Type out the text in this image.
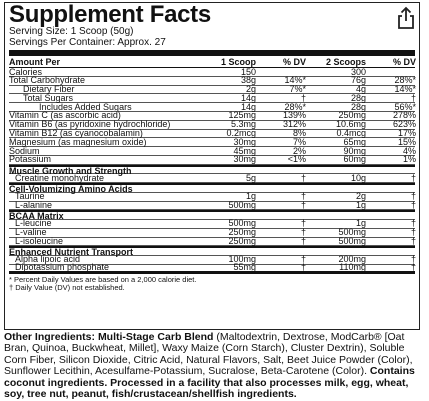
Supplement Facts
Serving Size: 1 Scoop (50g)
Servings Per Container: Approx. 27
Amount Per	1 Scoop	% DV	2 Scoops	% DV
Calories	150	300
Total Carbohydrate	38g	14%*	76g	28%*
Dietary Fiber	2g	7%*	4g	14%*
Total Sugars	14g	†	28g	†
Includes Added Sugars	14g	28%*	28g	56%*
Vitamin C (as ascorbic acid)	125mg	139%	250mg	278%
Vitamin B6 (as pyridoxine hydrochloride)	5.3mg	312%	10.6mg	623%
Vitamin B12 (as cyanocobalamin)	0.2mcg	8%	0.4mcg	17%
Magnesium (as magnesium oxide)	30mg	7%	65mg	15%
Sodium	45mg	2%	90mg	4%
Potassium	30mg	<1%	60mg	1%
Muscle Growth and Strength
Creatine monohydrate	5g	†	10g	†
Cell-Volumizing Amino Acids
Taurine	1g	†	2g	†
L-alanine	500mg	†	1g	†
BCAA Matrix
L-leucine	500mg	†	1g	†
L-valine	250mg	†	500mg	†
L-isoleucine	250mg	†	500mg	†
Enhanced Nutrient Transport
Alpha lipoic acid	100mg	†	200mg	†
Dipotassium phosphate	55mg	†	110mg	†
* Percent Daily Values are based on a 2,000 calorie diet.
† Daily Value (DV) not established.
Other Ingredients: Multi-Stage Carb Blend (Maltodextrin, Dextrose, ModCarb® [Oat Bran, Quinoa, Buckwheat, Millet], Waxy Maize (Corn Starch), Cluster Dextrin), Soluble Corn Fiber, Silicon Dioxide, Citric Acid, Natural Flavors, Salt, Beet Juice Powder (Color), Sunflower Lecithin, Acesulfame-Potassium, Sucralose, Beta-Carotene (Color). Contains coconut ingredients. Processed in a facility that also processes milk, egg, wheat, soy, tree nut, peanut, fish/crustacean/shellfish ingredients.
